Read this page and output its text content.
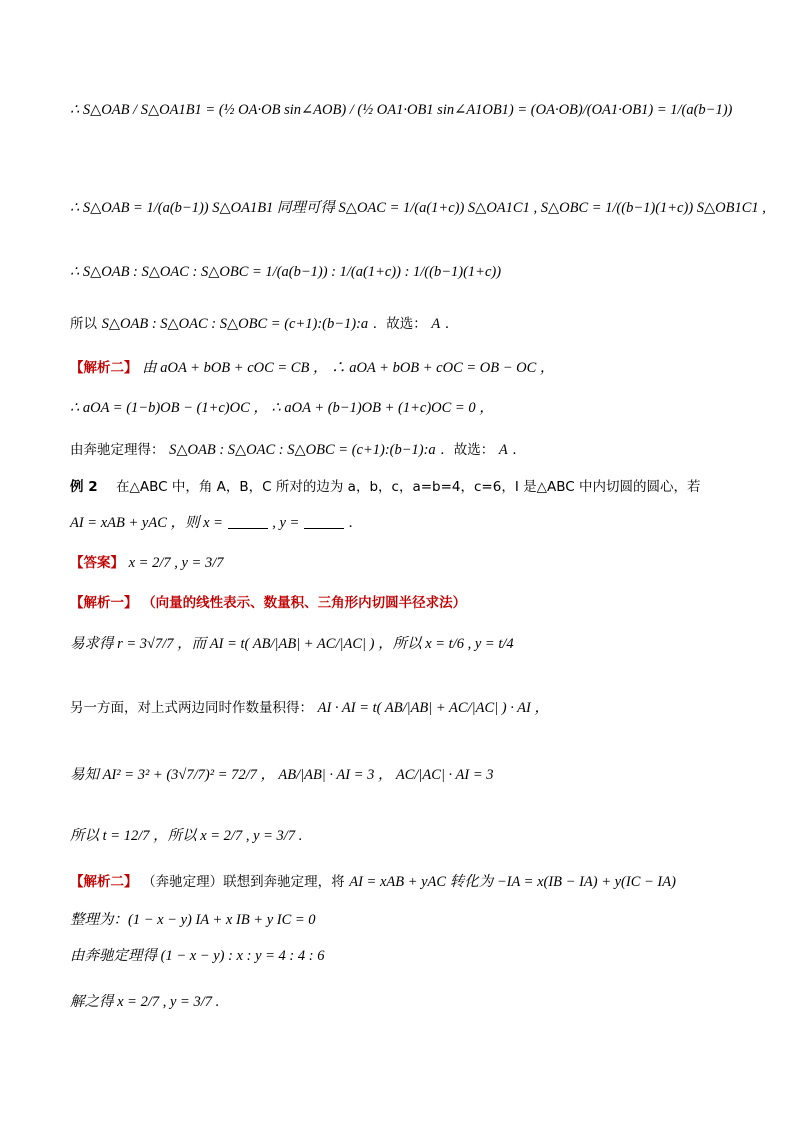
∴ S△OAB / S△OA1B1 = (½ OA·OB sin∠AOB) / (½ OA1·OB1 sin∠A1OB1) = (OA·OB)/(OA1·OB1) = 1/(a(b−1))
∴ S△OAB = 1/(a(b−1)) S△OA1B1 同理可得 S△OAC = 1/(a(1+c)) S△OA1C1 , S△OBC = 1/((b−1)(1+c)) S△OB1C1 ,
∴ S△OAB : S△OAC : S△OBC = 1/(a(b−1)) : 1/(a(1+c)) : 1/((b−1)(1+c))
所以 S△OAB : S△OAC : S△OBC = (c+1):(b−1):a ．故选： A ．
【解析二】 由 aOA + bOB + cOC = CB ， ∴ aOA + bOB + cOC = OB − OC ，
∴ aOA = (1−b)OB − (1+c)OC ， ∴ aOA + (b−1)OB + (1+c)OC = 0 ，
由奔驰定理得： S△OAB : S△OAC : S△OBC = (c+1):(b−1):a ．故选： A ．
例 2 在△ABC 中，角 A，B，C 所对的边为 a，b，c，a=b=4，c=6，I 是△ABC 中内切圆的圆心，若
AI = xAB + yAC ，则 x =	, y =	．
【答案】 x = 2/7 , y = 3/7
【解析一】 （向量的线性表示、数量积、三角形内切圆半径求法）
易求得 r = 3√7/7 ，而 AI = t( AB/|AB| + AC/|AC| ) ，所以 x = t/6 , y = t/4
另一方面，对上式两边同时作数量积得： AI · AI = t( AB/|AB| + AC/|AC| ) · AI ，
易知 AI² = 3² + (3√7/7)² = 72/7 ， AB/|AB| · AI = 3 ， AC/|AC| · AI = 3
所以 t = 12/7 ，所以 x = 2/7 , y = 3/7 .
【解析二】 （奔驰定理）联想到奔驰定理，将 AI = xAB + yAC 转化为 −IA = x(IB − IA) + y(IC − IA)
整理为：(1 − x − y) IA + x IB + y IC = 0
由奔驰定理得 (1 − x − y) : x : y = 4 : 4 : 6
解之得 x = 2/7 , y = 3/7 .
